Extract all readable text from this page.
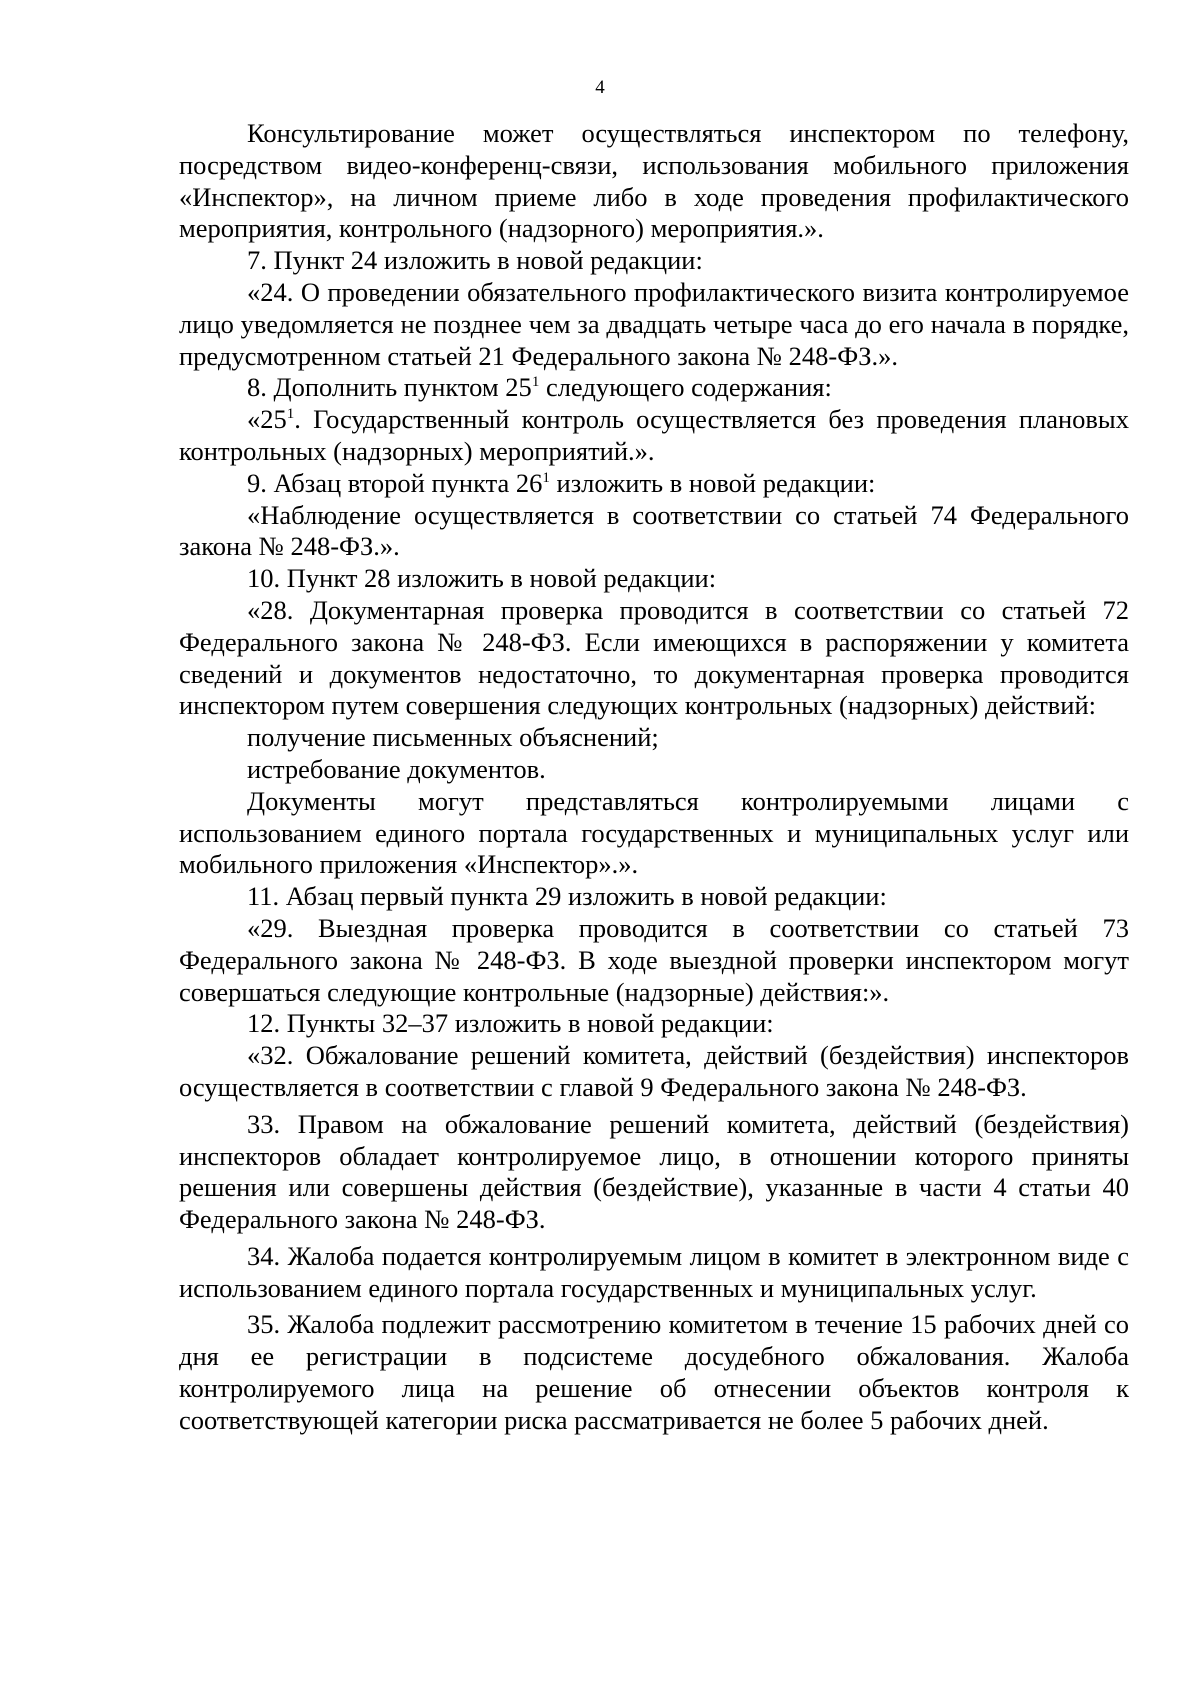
4

Консультирование может осуществляться инспектором по телефону, посредством видео-конференц-связи, использования мобильного приложения «Инспектор», на личном приеме либо в ходе проведения профилактического мероприятия, контрольного (надзорного) мероприятия.».

7. Пункт 24 изложить в новой редакции:

«24. О проведении обязательного профилактического визита контролируемое лицо уведомляется не позднее чем за двадцать четыре часа до его начала в порядке, предусмотренном статьей 21 Федерального закона № 248-ФЗ.».

8. Дополнить пунктом $25^1$ следующего содержания:

«$25^1$. Государственный контроль осуществляется без проведения плановых контрольных (надзорных) мероприятий.».

9. Абзац второй пункта $26^1$ изложить в новой редакции:

«Наблюдение осуществляется в соответствии со статьей 74 Федерального закона № 248-ФЗ.».

10. Пункт 28 изложить в новой редакции:

«28. Документарная проверка проводится в соответствии со статьей 72 Федерального закона № 248-ФЗ. Если имеющихся в распоряжении у комитета сведений и документов недостаточно, то документарная проверка проводится инспектором путем совершения следующих контрольных (надзорных) действий:

получение письменных объяснений;

истребование документов.

Документы могут представляться контролируемыми лицами с использованием единого портала государственных и муниципальных услуг или мобильного приложения «Инспектор».».

11. Абзац первый пункта 29 изложить в новой редакции:

«29. Выездная проверка проводится в соответствии со статьей 73 Федерального закона № 248-ФЗ. В ходе выездной проверки инспектором могут совершаться следующие контрольные (надзорные) действия:».

12. Пункты 32–37 изложить в новой редакции:

«32. Обжалование решений комитета, действий (бездействия) инспекторов осуществляется в соответствии с главой 9 Федерального закона № 248-ФЗ.

33. Правом на обжалование решений комитета, действий (бездействия) инспекторов обладает контролируемое лицо, в отношении которого приняты решения или совершены действия (бездействие), указанные в части 4 статьи 40 Федерального закона № 248-ФЗ.

34. Жалоба подается контролируемым лицом в комитет в электронном виде с использованием единого портала государственных и муниципальных услуг.

35. Жалоба подлежит рассмотрению комитетом в течение 15 рабочих дней со дня ее регистрации в подсистеме досудебного обжалования. Жалоба контролируемого лица на решение об отнесении объектов контроля к соответствующей категории риска рассматривается не более 5 рабочих дней.
